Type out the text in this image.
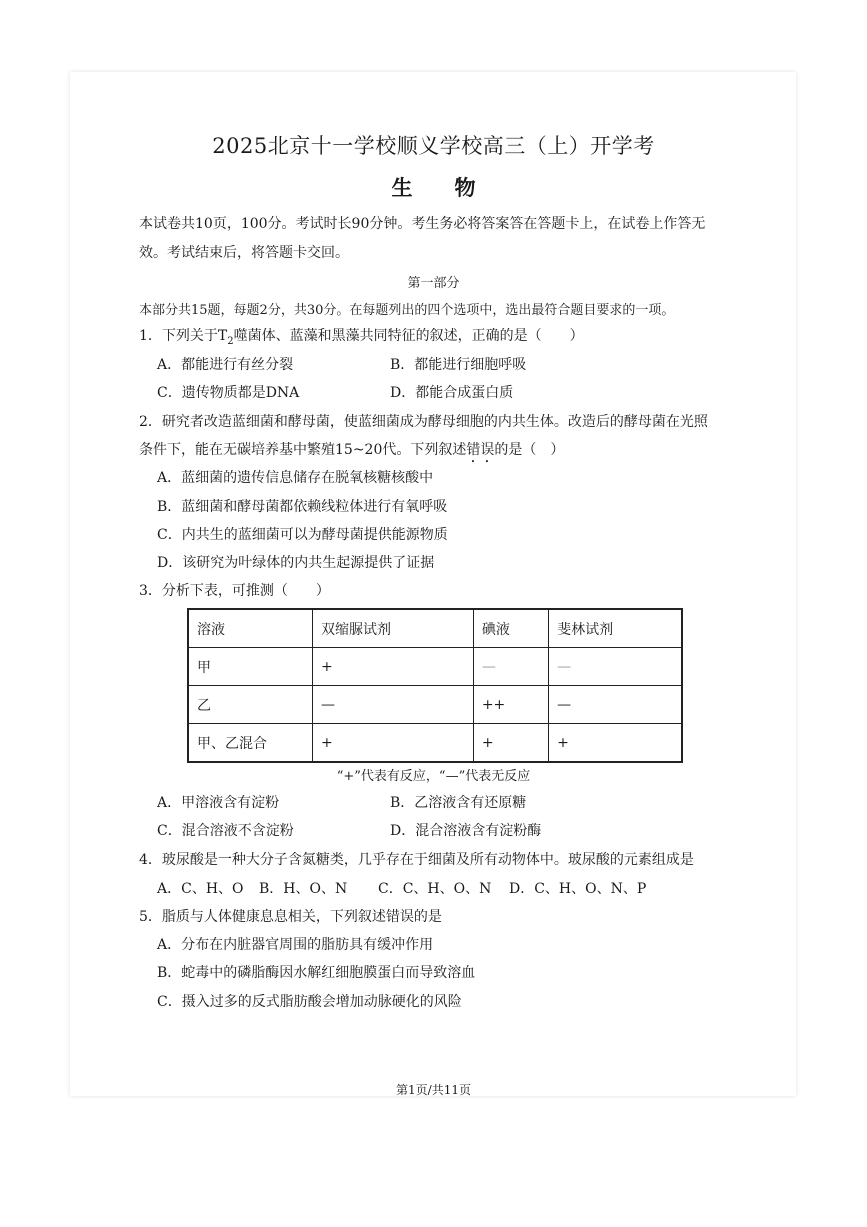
2025北京十一学校顺义学校高三（上）开学考
生　　物
本试卷共10页，100分。考试时长90分钟。考生务必将答案答在答题卡上，在试卷上作答无
效。考试结束后，将答题卡交回。
第一部分
本部分共15题，每题2分，共30分。在每题列出的四个选项中，选出最符合题目要求的一项。
1．下列关于$T_2$噬菌体、蓝藻和黑藻共同特征的叙述，正确的是（　　）
A．都能进行有丝分裂	B．都能进行细胞呼吸
C．遗传物质都是DNA	D．都能合成蛋白质
2．研究者改造蓝细菌和酵母菌，使蓝细菌成为酵母细胞的内共生体。改造后的酵母菌在光照
条件下，能在无碳培养基中繁殖15~20代。下列叙述错误的是（　）
A．蓝细菌的遗传信息储存在脱氧核糖核酸中
B．蓝细菌和酵母菌都依赖线粒体进行有氧呼吸
C．内共生的蓝细菌可以为酵母菌提供能源物质
D．该研究为叶绿体的内共生起源提供了证据
3．分析下表，可推测（　　）
溶液	双缩脲试剂	碘液	斐林试剂
甲	+	—	—
乙	—	++	—
甲、乙混合	+	+	+
“+”代表有反应，“—”代表无反应
A．甲溶液含有淀粉	B．乙溶液含有还原糖
C．混合溶液不含淀粉	D．混合溶液含有淀粉酶
4．玻尿酸是一种大分子含氮糖类，几乎存在于细菌及所有动物体中。玻尿酸的元素组成是
A．C、H、O B．H、O、N C．C、H、O、N D．C、H、O、N、P
5．脂质与人体健康息息相关，下列叙述错误的是
A．分布在内脏器官周围的脂肪具有缓冲作用
B．蛇毒中的磷脂酶因水解红细胞膜蛋白而导致溶血
C．摄入过多的反式脂肪酸会增加动脉硬化的风险
第1页/共11页
